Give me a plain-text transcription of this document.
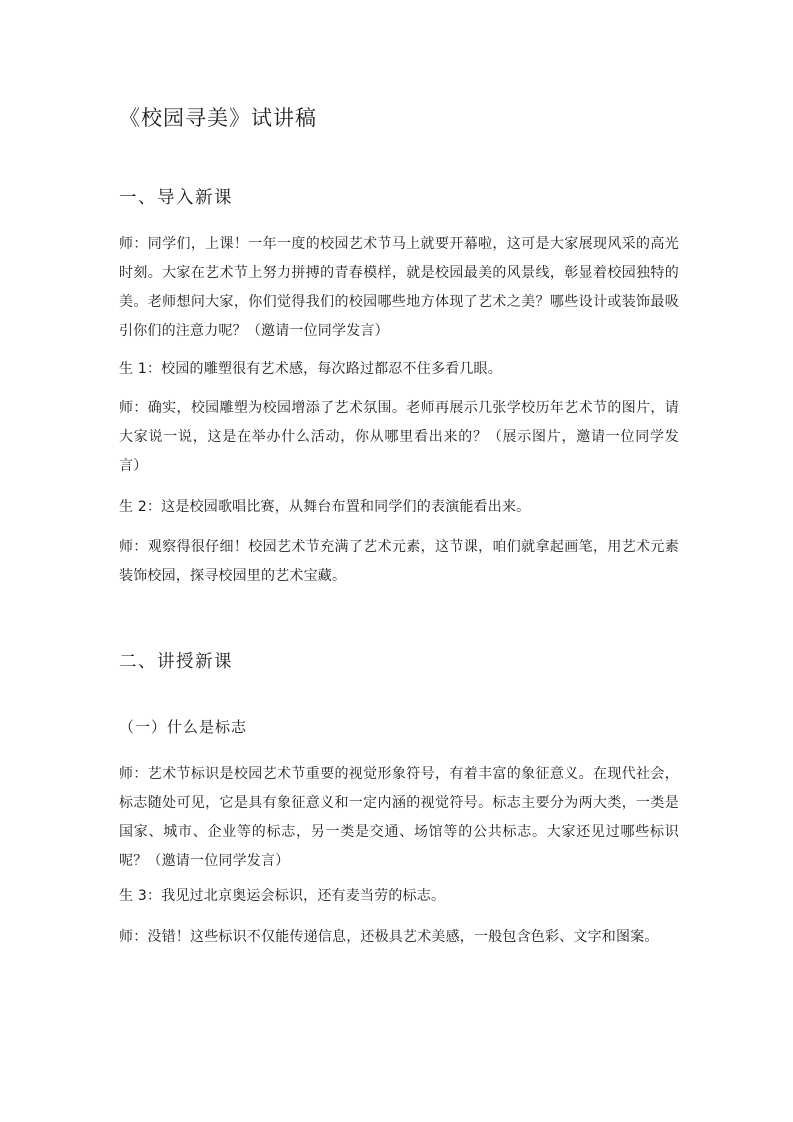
《校园寻美》试讲稿
一、导入新课

师：同学们，上课！一年一度的校园艺术节马上就要开幕啦，这可是大家展现风采的高光时刻。大家在艺术节上努力拼搏的青春模样，就是校园最美的风景线，彰显着校园独特的美。老师想问大家，你们觉得我们的校园哪些地方体现了艺术之美？哪些设计或装饰最吸引你们的注意力呢？（邀请一位同学发言）

生 1：校园的雕塑很有艺术感，每次路过都忍不住多看几眼。

师：确实，校园雕塑为校园增添了艺术氛围。老师再展示几张学校历年艺术节的图片，请大家说一说，这是在举办什么活动，你从哪里看出来的？（展示图片，邀请一位同学发言）

生 2：这是校园歌唱比赛，从舞台布置和同学们的表演能看出来。

师：观察得很仔细！校园艺术节充满了艺术元素，这节课，咱们就拿起画笔，用艺术元素装饰校园，探寻校园里的艺术宝藏。

二、讲授新课
（一）什么是标志

师：艺术节标识是校园艺术节重要的视觉形象符号，有着丰富的象征意义。在现代社会，标志随处可见，它是具有象征意义和一定内涵的视觉符号。标志主要分为两大类，一类是国家、城市、企业等的标志，另一类是交通、场馆等的公共标志。大家还见过哪些标识呢？（邀请一位同学发言）

生 3：我见过北京奥运会标识，还有麦当劳的标志。

师：没错！这些标识不仅能传递信息，还极具艺术美感，一般包含色彩、文字和图案。
